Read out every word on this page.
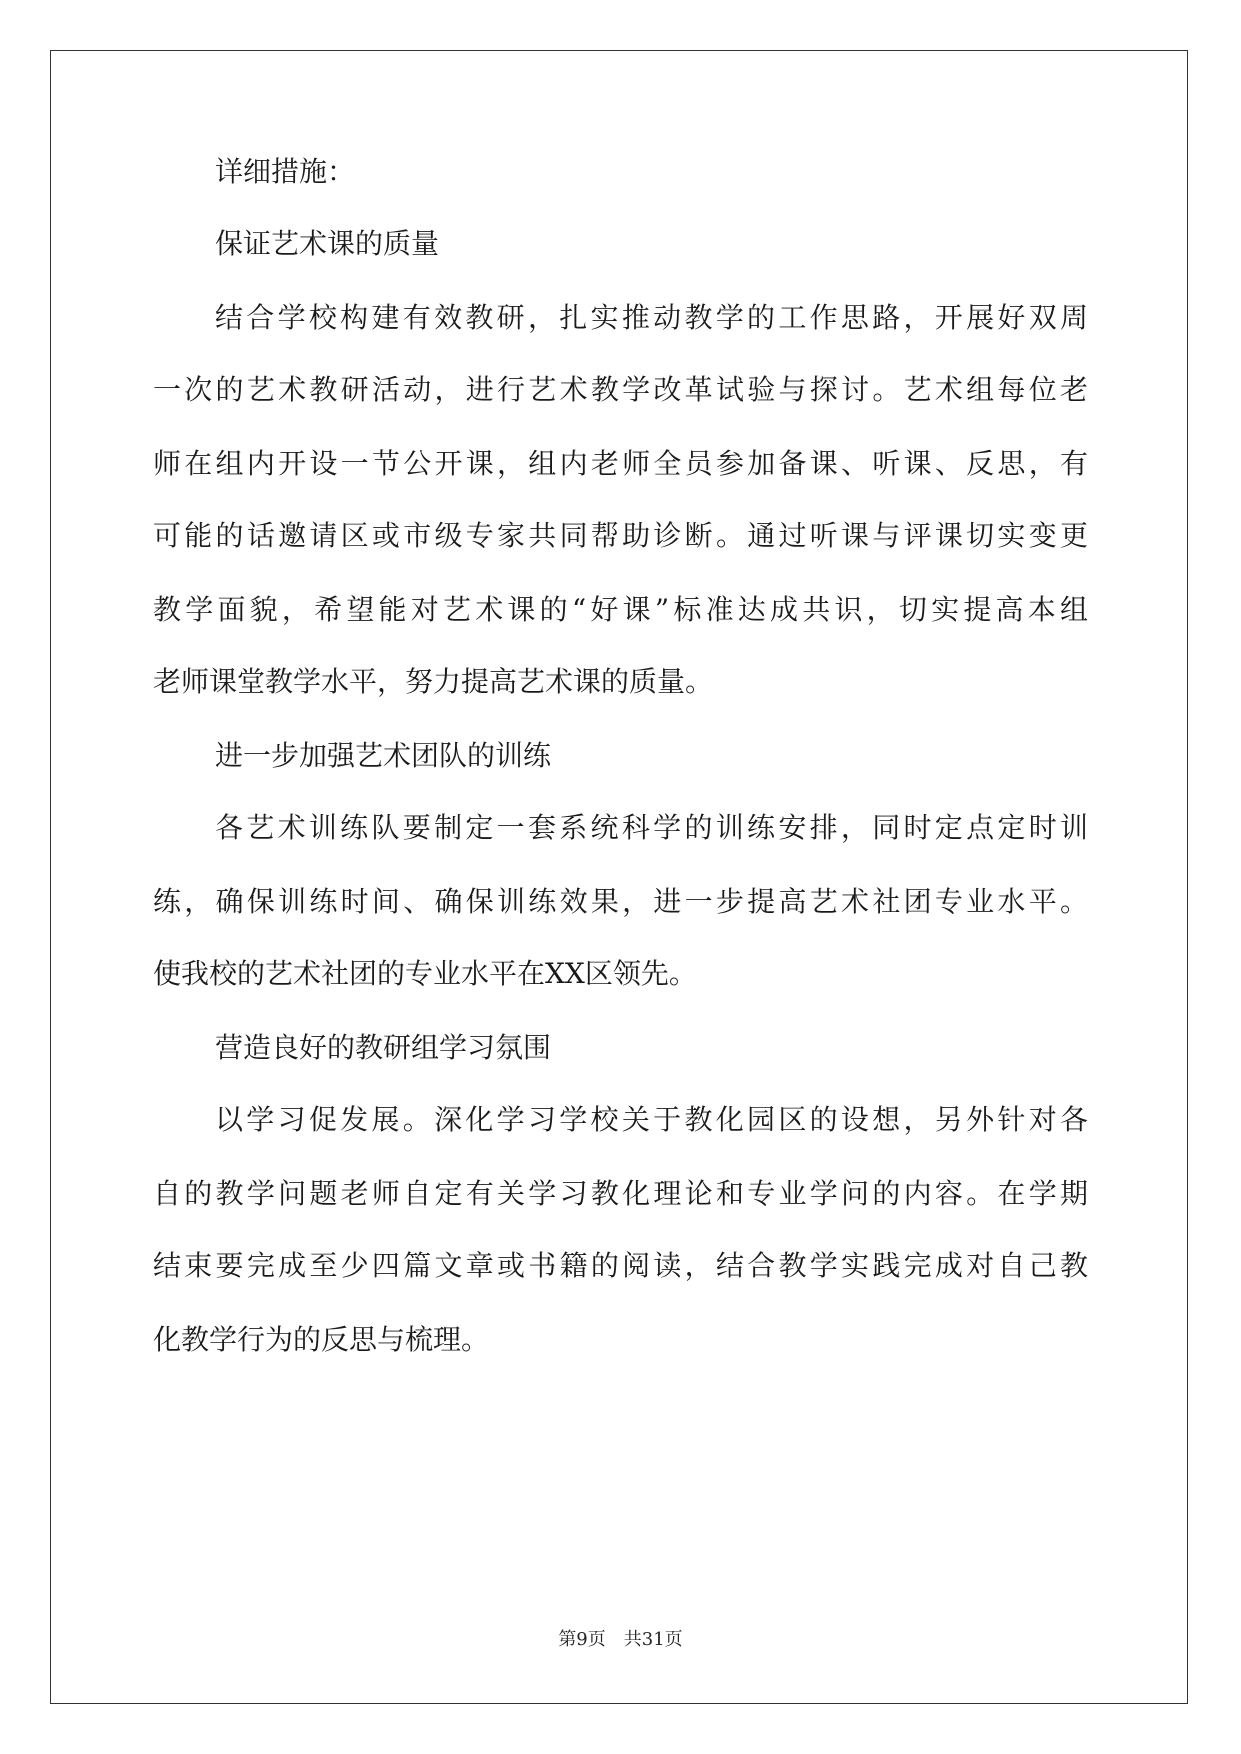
详细措施：
保证艺术课的质量
结合学校构建有效教研，扎实推动教学的工作思路，开展好双周
一次的艺术教研活动，进行艺术教学改革试验与探讨。艺术组每位老
师在组内开设一节公开课，组内老师全员参加备课、听课、反思，有
可能的话邀请区或市级专家共同帮助诊断。通过听课与评课切实变更
教学面貌，希望能对艺术课的“好课”标准达成共识，切实提高本组
老师课堂教学水平，努力提高艺术课的质量。
进一步加强艺术团队的训练
各艺术训练队要制定一套系统科学的训练安排，同时定点定时训
练，确保训练时间、确保训练效果，进一步提高艺术社团专业水平。
使我校的艺术社团的专业水平在XX区领先。
营造良好的教研组学习氛围
以学习促发展。深化学习学校关于教化园区的设想，另外针对各
自的教学问题老师自定有关学习教化理论和专业学问的内容。在学期
结束要完成至少四篇文章或书籍的阅读，结合教学实践完成对自己教
化教学行为的反思与梳理。
第9页 共31页
